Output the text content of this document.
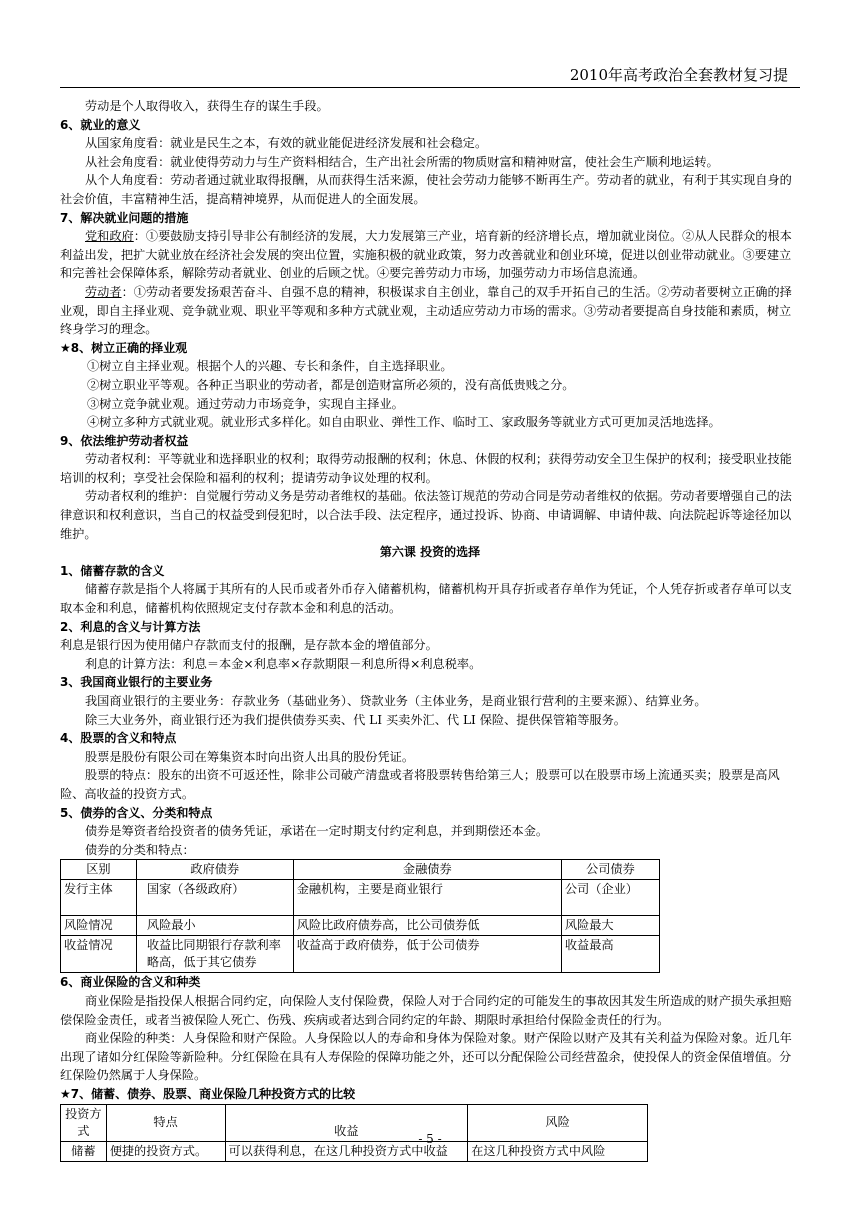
2010年高考政治全套教材复习提

劳动是个人取得收入，获得生存的谋生手段。

6、就业的意义

从国家角度看：就业是民生之本，有效的就业能促进经济发展和社会稳定。

从社会角度看：就业使得劳动力与生产资料相结合，生产出社会所需的物质财富和精神财富，使社会生产顺利地运转。

从个人角度看：劳动者通过就业取得报酬，从而获得生活来源，使社会劳动力能够不断再生产。劳动者的就业，有利于其实现自身的社会价值，丰富精神生活，提高精神境界，从而促进人的全面发展。

7、解决就业问题的措施

党和政府：①要鼓励支持引导非公有制经济的发展，大力发展第三产业，培育新的经济增长点，增加就业岗位。②从人民群众的根本利益出发，把扩大就业放在经济社会发展的突出位置，实施积极的就业政策，努力改善就业和创业环境，促进以创业带动就业。③要建立和完善社会保障体系，解除劳动者就业、创业的后顾之忧。④要完善劳动力市场，加强劳动力市场信息流通。

劳动者：①劳动者要发扬艰苦奋斗、自强不息的精神，积极谋求自主创业，靠自己的双手开拓自己的生活。②劳动者要树立正确的择业观，即自主择业观、竞争就业观、职业平等观和多种方式就业观，主动适应劳动力市场的需求。③劳动者要提高自身技能和素质，树立终身学习的理念。

★8、树立正确的择业观

①树立自主择业观。根据个人的兴趣、专长和条件，自主选择职业。

②树立职业平等观。各种正当职业的劳动者，都是创造财富所必须的，没有高低贵贱之分。

③树立竞争就业观。通过劳动力市场竞争，实现自主择业。

④树立多种方式就业观。就业形式多样化。如自由职业、弹性工作、临时工、家政服务等就业方式可更加灵活地选择。

9、依法维护劳动者权益

劳动者权利：平等就业和选择职业的权利；取得劳动报酬的权利；休息、休假的权利；获得劳动安全卫生保护的权利；接受职业技能培训的权利；享受社会保险和福利的权利；提请劳动争议处理的权利。

劳动者权利的维护：自觉履行劳动义务是劳动者维权的基础。依法签订规范的劳动合同是劳动者维权的依据。劳动者要增强自己的法律意识和权利意识，当自己的权益受到侵犯时，以合法手段、法定程序，通过投诉、协商、申请调解、申请仲裁、向法院起诉等途径加以维护。

第六课 投资的选择

1、储蓄存款的含义

储蓄存款是指个人将属于其所有的人民币或者外币存入储蓄机构，储蓄机构开具存折或者存单作为凭证，个人凭存折或者存单可以支取本金和利息，储蓄机构依照规定支付存款本金和利息的活动。

2、利息的含义与计算方法

利息是银行因为使用储户存款而支付的报酬，是存款本金的增值部分。

利息的计算方法：利息＝本金×利息率×存款期限－利息所得×利息税率。

3、我国商业银行的主要业务

我国商业银行的主要业务：存款业务（基础业务）、贷款业务（主体业务，是商业银行营利的主要来源）、结算业务。

除三大业务外，商业银行还为我们提供债券买卖、代 LI 买卖外汇、代 LI 保险、提供保管箱等服务。

4、股票的含义和特点

股票是股份有限公司在筹集资本时向出资人出具的股份凭证。

股票的特点：股东的出资不可返还性，除非公司破产清盘或者将股票转售给第三人；股票可以在股票市场上流通买卖；股票是高风险、高收益的投资方式。

5、债券的含义、分类和特点

债券是筹资者给投资者的债务凭证，承诺在一定时期支付约定利息，并到期偿还本金。

债券的分类和特点：

区别	政府债券	金融债券	公司债券
发行主体	国家（各级政府）	金融机构，主要是商业银行	公司（企业）
风险情况	风险最小	风险比政府债券高，比公司债券低	风险最大
收益情况	收益比同期银行存款利率略高，低于其它债券	收益高于政府债券，低于公司债券	收益最高

6、商业保险的含义和种类

商业保险是指投保人根据合同约定，向保险人支付保险费，保险人对于合同约定的可能发生的事故因其发生所造成的财产损失承担赔偿保险金责任，或者当被保险人死亡、伤残、疾病或者达到合同约定的年龄、期限时承担给付保险金责任的行为。

商业保险的种类：人身保险和财产保险。人身保险以人的寿命和身体为保险对象。财产保险以财产及其有关利益为保险对象。近几年出现了诸如分红保险等新险种。分红保险在具有人寿保险的保障功能之外，还可以分配保险公司经营盈余，使投保人的资金保值增值。分红保险仍然属于人身保险。

★7、储蓄、债券、股票、商业保险几种投资方式的比较

投资方式	特点	收益	风险
储蓄	便捷的投资方式。	可以获得利息，在这几种投资方式中收益	在这几种投资方式中风险
- 5 -
